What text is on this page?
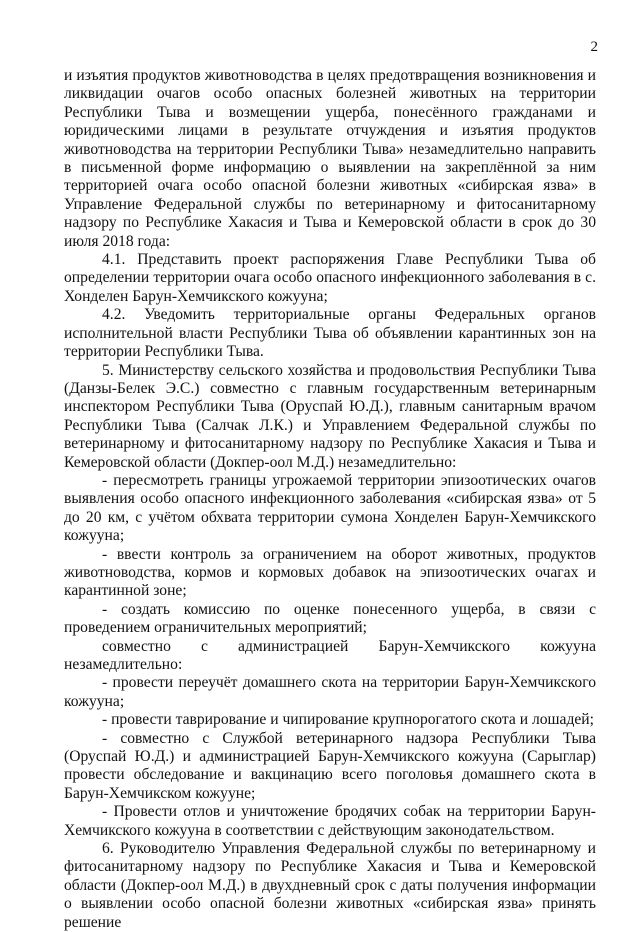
2

и изъятия продуктов животноводства в целях предотвращения возникновения и ликвидации очагов особо опасных болезней животных на территории Республики Тыва и возмещении ущерба, понесённого гражданами и юридическими лицами в результате отчуждения и изъятия продуктов животноводства на территории Республики Тыва» незамедлительно направить в письменной форме информацию о выявлении на закреплённой за ним территорией очага особо опасной болезни животных «сибирская язва» в Управление Федеральной службы по ветеринарному и фитосанитарному надзору по Республике Хакасия и Тыва и Кемеровской области в срок до 30 июля 2018 года:

4.1. Представить проект распоряжения Главе Республики Тыва об определении территории очага особо опасного инфекционного заболевания в с. Хонделен Барун-Хемчикского кожууна;

4.2. Уведомить территориальные органы Федеральных органов исполнительной власти Республики Тыва об объявлении карантинных зон на территории Республики Тыва.

5. Министерству сельского хозяйства и продовольствия Республики Тыва (Данзы-Белек Э.С.) совместно с главным государственным ветеринарным инспектором Республики Тыва (Оруспай Ю.Д.), главным санитарным врачом Республики Тыва (Салчак Л.К.) и Управлением Федеральной службы по ветеринарному и фитосанитарному надзору по Республике Хакасия и Тыва и Кемеровской области (Докпер-оол М.Д.) незамедлительно:

- пересмотреть границы угрожаемой территории эпизоотических очагов выявления особо опасного инфекционного заболевания «сибирская язва» от 5 до 20 км, с учётом обхвата территории сумона Хонделен Барун-Хемчикского кожууна;

- ввести контроль за ограничением на оборот животных, продуктов животноводства, кормов и кормовых добавок на эпизоотических очагах и карантинной зоне;

- создать комиссию по оценке понесенного ущерба, в связи с проведением ограничительных мероприятий;

совместно с администрацией Барун-Хемчикского кожууна незамедлительно:

- провести переучёт домашнего скота на территории Барун-Хемчикского кожууна;

- провести таврирование и чипирование крупнорогатого скота и лошадей;

- совместно с Службой ветеринарного надзора Республики Тыва (Оруспай Ю.Д.) и администрацией Барун-Хемчикского кожууна (Сарыглар) провести обследование и вакцинацию всего поголовья домашнего скота в Барун-Хемчикском кожууне;

- Провести отлов и уничтожение бродячих собак на территории Барун-Хемчикского кожууна в соответствии с действующим законодательством.

6. Руководителю Управления Федеральной службы по ветеринарному и фитосанитарному надзору по Республике Хакасия и Тыва и Кемеровской области (Докпер-оол М.Д.) в двухдневный срок с даты получения информации о выявлении особо опасной болезни животных «сибирская язва» принять решение
